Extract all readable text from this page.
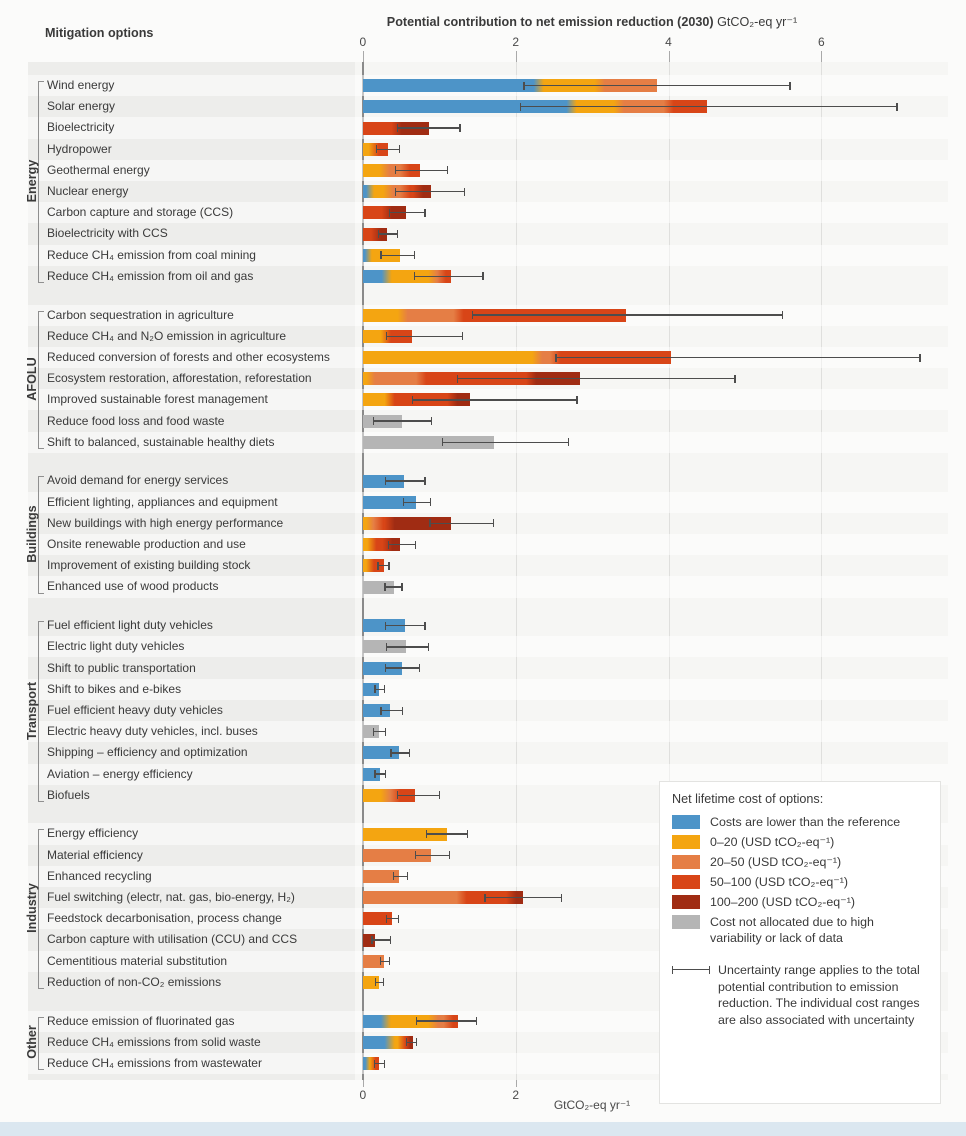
Mitigation options
Potential contribution to net emission reduction (2030) GtCO₂-eq yr⁻¹
0	2	4	6
0	2
Wind energy
Solar energy
Bioelectricity
Hydropower
Geothermal energy
Nuclear energy
Carbon capture and storage (CCS)
Bioelectricity with CCS
Reduce CH₄ emission from coal mining
Reduce CH₄ emission from oil and gas
Energy
Carbon sequestration in agriculture
Reduce CH₄ and N₂O emission in agriculture
Reduced conversion of forests and other ecosystems
Ecosystem restoration, afforestation, reforestation
Improved sustainable forest management
Reduce food loss and food waste
Shift to balanced, sustainable healthy diets
AFOLU
Avoid demand for energy services
Efficient lighting, appliances and equipment
New buildings with high energy performance
Onsite renewable production and use
Improvement of existing building stock
Enhanced use of wood products
Buildings
Fuel efficient light duty vehicles
Electric light duty vehicles
Shift to public transportation
Shift to bikes and e-bikes
Fuel efficient heavy duty vehicles
Electric heavy duty vehicles, incl. buses
Shipping – efficiency and optimization
Aviation – energy efficiency
Biofuels
Transport
Energy efficiency
Material efficiency
Enhanced recycling
Fuel switching (electr, nat. gas, bio-energy, H₂)
Feedstock decarbonisation, process change
Carbon capture with utilisation (CCU) and CCS
Cementitious material substitution
Reduction of non-CO₂ emissions
Industry
Reduce emission of fluorinated gas
Reduce CH₄ emissions from solid waste
Reduce CH₄ emissions from wastewater
Other
Net lifetime cost of options:
Costs are lower than the reference
0–20 (USD tCO₂-eq⁻¹)
20–50 (USD tCO₂-eq⁻¹)
50–100 (USD tCO₂-eq⁻¹)
100–200 (USD tCO₂-eq⁻¹)
Cost not allocated due to high variability or lack of data
Uncertainty range applies to the total potential contribution to emission reduction. The individual cost ranges are also associated with uncertainty
GtCO₂-eq yr⁻¹
